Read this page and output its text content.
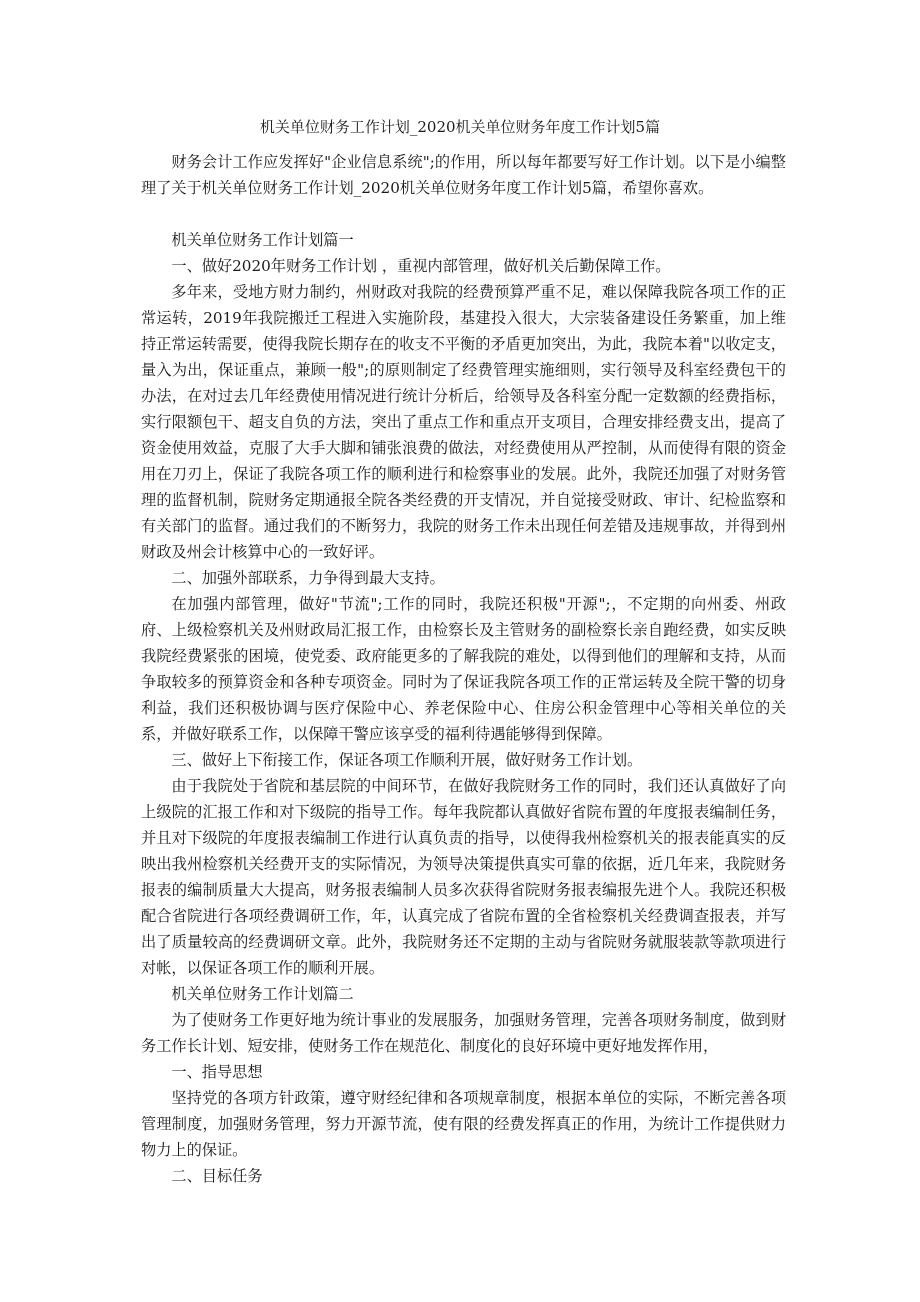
机关单位财务工作计划_2020机关单位财务年度工作计划5篇

财务会计工作应发挥好"企业信息系统";的作用，所以每年都要写好工作计划。以下是小编整理了关于机关单位财务工作计划_2020机关单位财务年度工作计划5篇，希望你喜欢。

机关单位财务工作计划篇一

一、做好2020年财务工作计划 ，重视内部管理，做好机关后勤保障工作。

多年来，受地方财力制约，州财政对我院的经费预算严重不足，难以保障我院各项工作的正常运转，2019年我院搬迁工程进入实施阶段，基建投入很大，大宗装备建设任务繁重，加上维持正常运转需要，使得我院长期存在的收支不平衡的矛盾更加突出，为此，我院本着"以收定支，量入为出，保证重点，兼顾一般";的原则制定了经费管理实施细则，实行领导及科室经费包干的办法，在对过去几年经费使用情况进行统计分析后，给领导及各科室分配一定数额的经费指标，实行限额包干、超支自负的方法，突出了重点工作和重点开支项目，合理安排经费支出，提高了资金使用效益，克服了大手大脚和铺张浪费的做法，对经费使用从严控制，从而使得有限的资金用在刀刃上，保证了我院各项工作的顺利进行和检察事业的发展。此外，我院还加强了对财务管理的监督机制，院财务定期通报全院各类经费的开支情况，并自觉接受财政、审计、纪检监察和有关部门的监督。通过我们的不断努力，我院的财务工作未出现任何差错及违规事故，并得到州财政及州会计核算中心的一致好评。

二、加强外部联系，力争得到最大支持。

在加强内部管理，做好"节流";工作的同时，我院还积极"开源";，不定期的向州委、州政府、上级检察机关及州财政局汇报工作，由检察长及主管财务的副检察长亲自跑经费，如实反映我院经费紧张的困境，使党委、政府能更多的了解我院的难处，以得到他们的理解和支持，从而争取较多的预算资金和各种专项资金。同时为了保证我院各项工作的正常运转及全院干警的切身利益，我们还积极协调与医疗保险中心、养老保险中心、住房公积金管理中心等相关单位的关系，并做好联系工作，以保障干警应该享受的福利待遇能够得到保障。

三、做好上下衔接工作，保证各项工作顺利开展，做好财务工作计划。

由于我院处于省院和基层院的中间环节，在做好我院财务工作的同时，我们还认真做好了向上级院的汇报工作和对下级院的指导工作。每年我院都认真做好省院布置的年度报表编制任务，并且对下级院的年度报表编制工作进行认真负责的指导，以使得我州检察机关的报表能真实的反映出我州检察机关经费开支的实际情况，为领导决策提供真实可靠的依据，近几年来，我院财务报表的编制质量大大提高，财务报表编制人员多次获得省院财务报表编报先进个人。我院还积极配合省院进行各项经费调研工作，年，认真完成了省院布置的全省检察机关经费调查报表，并写出了质量较高的经费调研文章。此外，我院财务还不定期的主动与省院财务就服装款等款项进行对帐，以保证各项工作的顺利开展。

机关单位财务工作计划篇二

为了使财务工作更好地为统计事业的发展服务，加强财务管理，完善各项财务制度，做到财务工作长计划、短安排，使财务工作在规范化、制度化的良好环境中更好地发挥作用，

一、指导思想

坚持党的各项方针政策，遵守财经纪律和各项规章制度，根据本单位的实际，不断完善各项管理制度，加强财务管理，努力开源节流，使有限的经费发挥真正的作用，为统计工作提供财力物力上的保证。

二、目标任务
